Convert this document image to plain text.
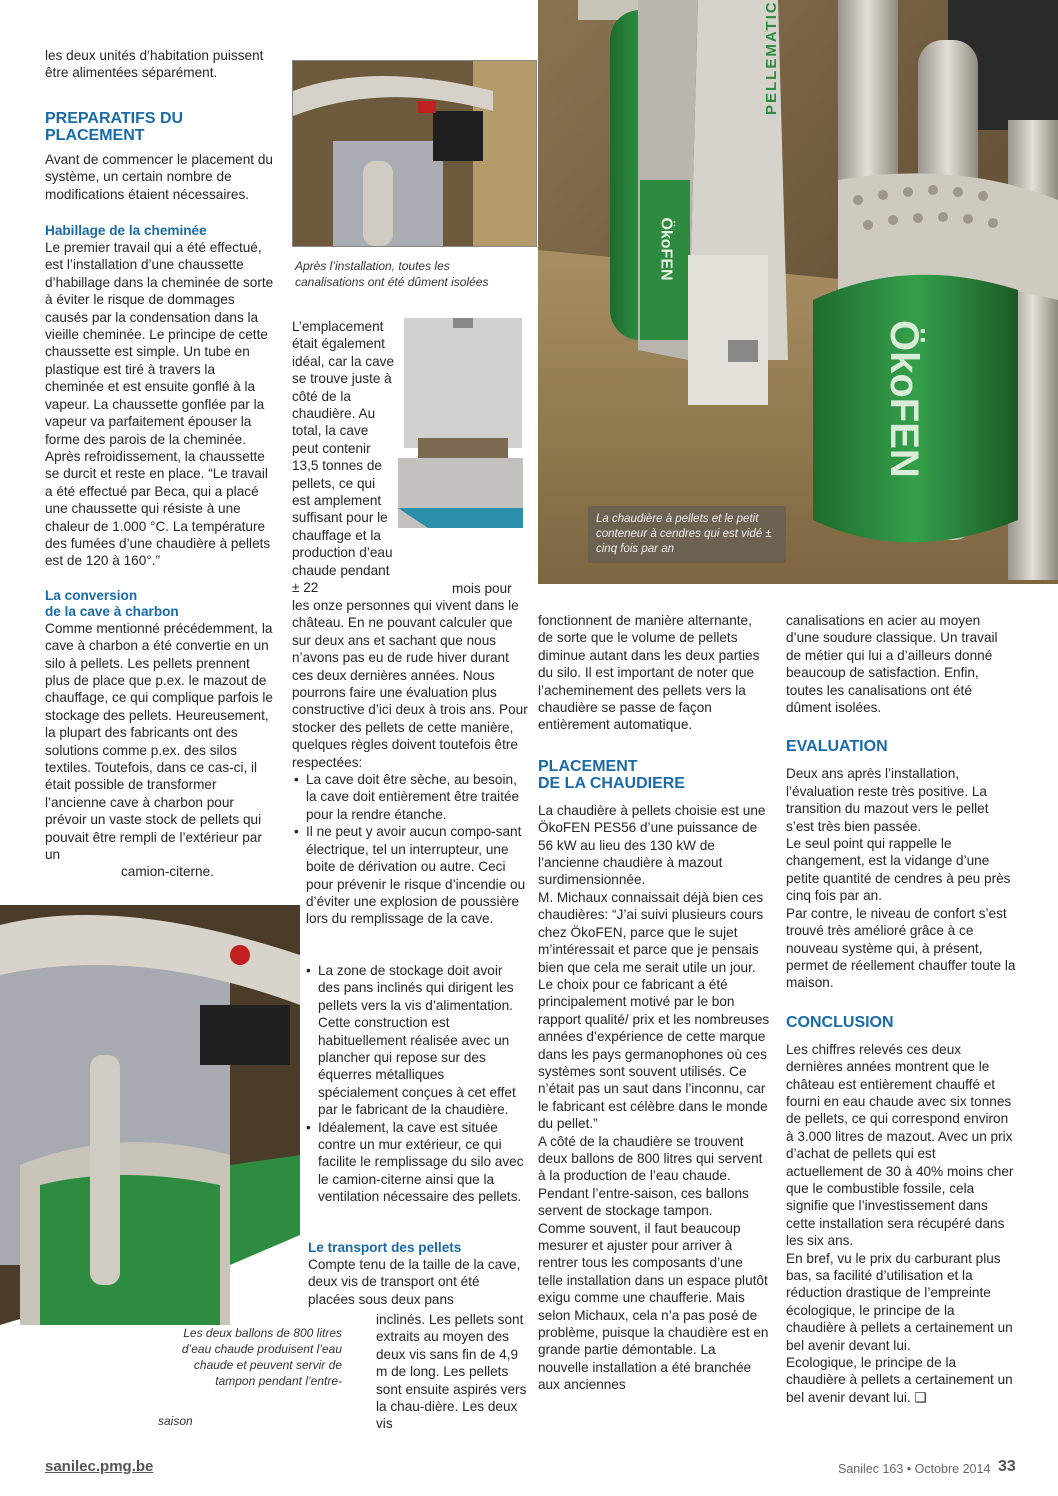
PELLEMATIC
ÖkoFEN
ÖkoFEN
La chaudière à pellets et le petit conteneur à cendres qui est vidé ± cinq fois par an
Après l’installation, toutes les
canalisations ont été dûment isolées

les deux unités d’habitation puissent être alimentées séparément.

PREPARATIFS DU PLACEMENT

Avant de commencer le placement du système, un certain nombre de modifications étaient nécessaires.

Habillage de la cheminée

Le premier travail qui a été effectué, est l’installation d’une chaussette d’habillage dans la cheminée de sorte à éviter le risque de dommages causés par la condensation dans la vieille cheminée. Le principe de cette chaussette est simple. Un tube en plastique est tiré à travers la cheminée et est ensuite gonflé à la vapeur. La chaussette gonflée par la vapeur va parfaitement épouser la forme des parois de la cheminée. Après refroidissement, la chaussette se durcit et reste en place. “Le travail a été effectué par Beca, qui a placé une chaussette qui résiste à une chaleur de 1.000 °C. La température des fumées d’une chaudière à pellets est de 120 à 160°.”

La conversion
de la cave à charbon

Comme mentionné précédemment, la cave à charbon a été convertie en un silo à pellets. Les pellets prennent plus de place que p.ex. le mazout de chauffage, ce qui complique parfois le stockage des pellets. Heureusement, la plupart des fabricants ont des solutions comme p.ex. des silos textiles. Toutefois, dans ce cas-ci, il était possible de transformer l’ancienne cave à charbon pour prévoir un vaste stock de pellets qui pouvait être rempli de l’extérieur par un

camion-citerne.

L’emplacement était également idéal, car la cave se trouve juste à côté de la chaudière. Au total, la cave peut contenir 13,5 tonnes de pellets, ce qui est amplement suffisant pour le chauffage et la production d’eau chaude pendant ± 22	mois pour

les onze personnes qui vivent dans le château. En ne pouvant calculer que sur deux ans et sachant que nous n’avons pas eu de rude hiver durant ces deux dernières années. Nous pourrons faire une évaluation plus constructive d’ici deux à trois ans. Pour stocker des pellets de cette manière, quelques règles doivent toutefois être respectées:

• La cave doit être sèche, au besoin, la cave doit entièrement être traitée pour la rendre étanche.
• Il ne peut y avoir aucun compo-sant électrique, tel un interrupteur, une boite de dérivation ou autre. Ceci pour prévenir le risque d’incendie ou d’éviter une explosion de poussière lors du remplissage de la cave.
• La zone de stockage doit avoir des pans inclinés qui dirigent les pellets vers la vis d’alimentation. Cette construction est habituellement réalisée avec un plancher qui repose sur des équerres métalliques spécialement conçues à cet effet par le fabricant de la chaudière.
• Idéalement, la cave est située contre un mur extérieur, ce qui facilite le remplissage du silo avec le camion-citerne ainsi que la ventilation nécessaire des pellets.
Le transport des pellets

Compte tenu de la taille de la cave, deux vis de transport ont été placées sous deux pans

inclinés. Les pellets sont extraits au moyen des deux vis sans fin de 4,9 m de long. Les pellets sont ensuite aspirés vers la chau-dière. Les deux vis

Les deux ballons de 800 litres d’eau chaude produisent l’eau chaude et peuvent servir de tampon pendant l’entre-
saison

fonctionnent de manière alternante, de sorte que le volume de pellets diminue autant dans les deux parties du silo. Il est important de noter que l’acheminement des pellets vers la chaudière se passe de façon entièrement automatique.

PLACEMENT
DE LA CHAUDIERE

La chaudière à pellets choisie est une ÖkoFEN PES56 d’une puissance de 56 kW au lieu des 130 kW de l’ancienne chaudière à mazout surdimensionnée.

M. Michaux connaissait déjà bien ces chaudières: “J’ai suivi plusieurs cours chez ÖkoFEN, parce que le sujet m’intéressait et parce que je pensais bien que cela me serait utile un jour. Le choix pour ce fabricant a été principalement motivé par le bon rapport qualité/ prix et les nombreuses années d’expérience de cette marque dans les pays germanophones où ces systèmes sont souvent utilisés. Ce n’était pas un saut dans l’inconnu, car le fabricant est célèbre dans le monde du pellet.”

A côté de la chaudière se trouvent deux ballons de 800 litres qui servent à la production de l’eau chaude. Pendant l’entre-saison, ces ballons servent de stockage tampon.

Comme souvent, il faut beaucoup mesurer et ajuster pour arriver à rentrer tous les composants d’une telle installation dans un espace plutôt exigu comme une chaufferie. Mais selon Michaux, cela n’a pas posé de problème, puisque la chaudière est en grande partie démontable. La nouvelle installation a été branchée aux anciennes

canalisations en acier au moyen d’une soudure classique. Un travail de métier qui lui a d’ailleurs donné beaucoup de satisfaction. Enfin, toutes les canalisations ont été dûment isolées.

EVALUATION

Deux ans après l’installation, l’évaluation reste très positive. La transition du mazout vers le pellet s’est très bien passée.

Le seul point qui rappelle le changement, est la vidange d’une petite quantité de cendres à peu près cinq fois par an.

Par contre, le niveau de confort s’est trouvé très amélioré grâce à ce nouveau système qui, à présent, permet de réellement chauffer toute la maison.

CONCLUSION

Les chiffres relevés ces deux dernières années montrent que le château est entièrement chauffé et fourni en eau chaude avec six tonnes de pellets, ce qui correspond environ à 3.000 litres de mazout. Avec un prix d’achat de pellets qui est actuellement de 30 à 40% moins cher que le combustible fossile, cela signifie que l’investissement dans cette installation sera récupéré dans les six ans.

En bref, vu le prix du carburant plus bas, sa facilité d’utilisation et la réduction drastique de l’empreinte écologique, le principe de la chaudière à pellets a certainement un bel avenir devant lui.

Ecologique, le principe de la chaudière à pellets a certainement un bel avenir devant lui. ❑

sanilec.pmg.be	Sanilec 163 • Octobre 2014 33
